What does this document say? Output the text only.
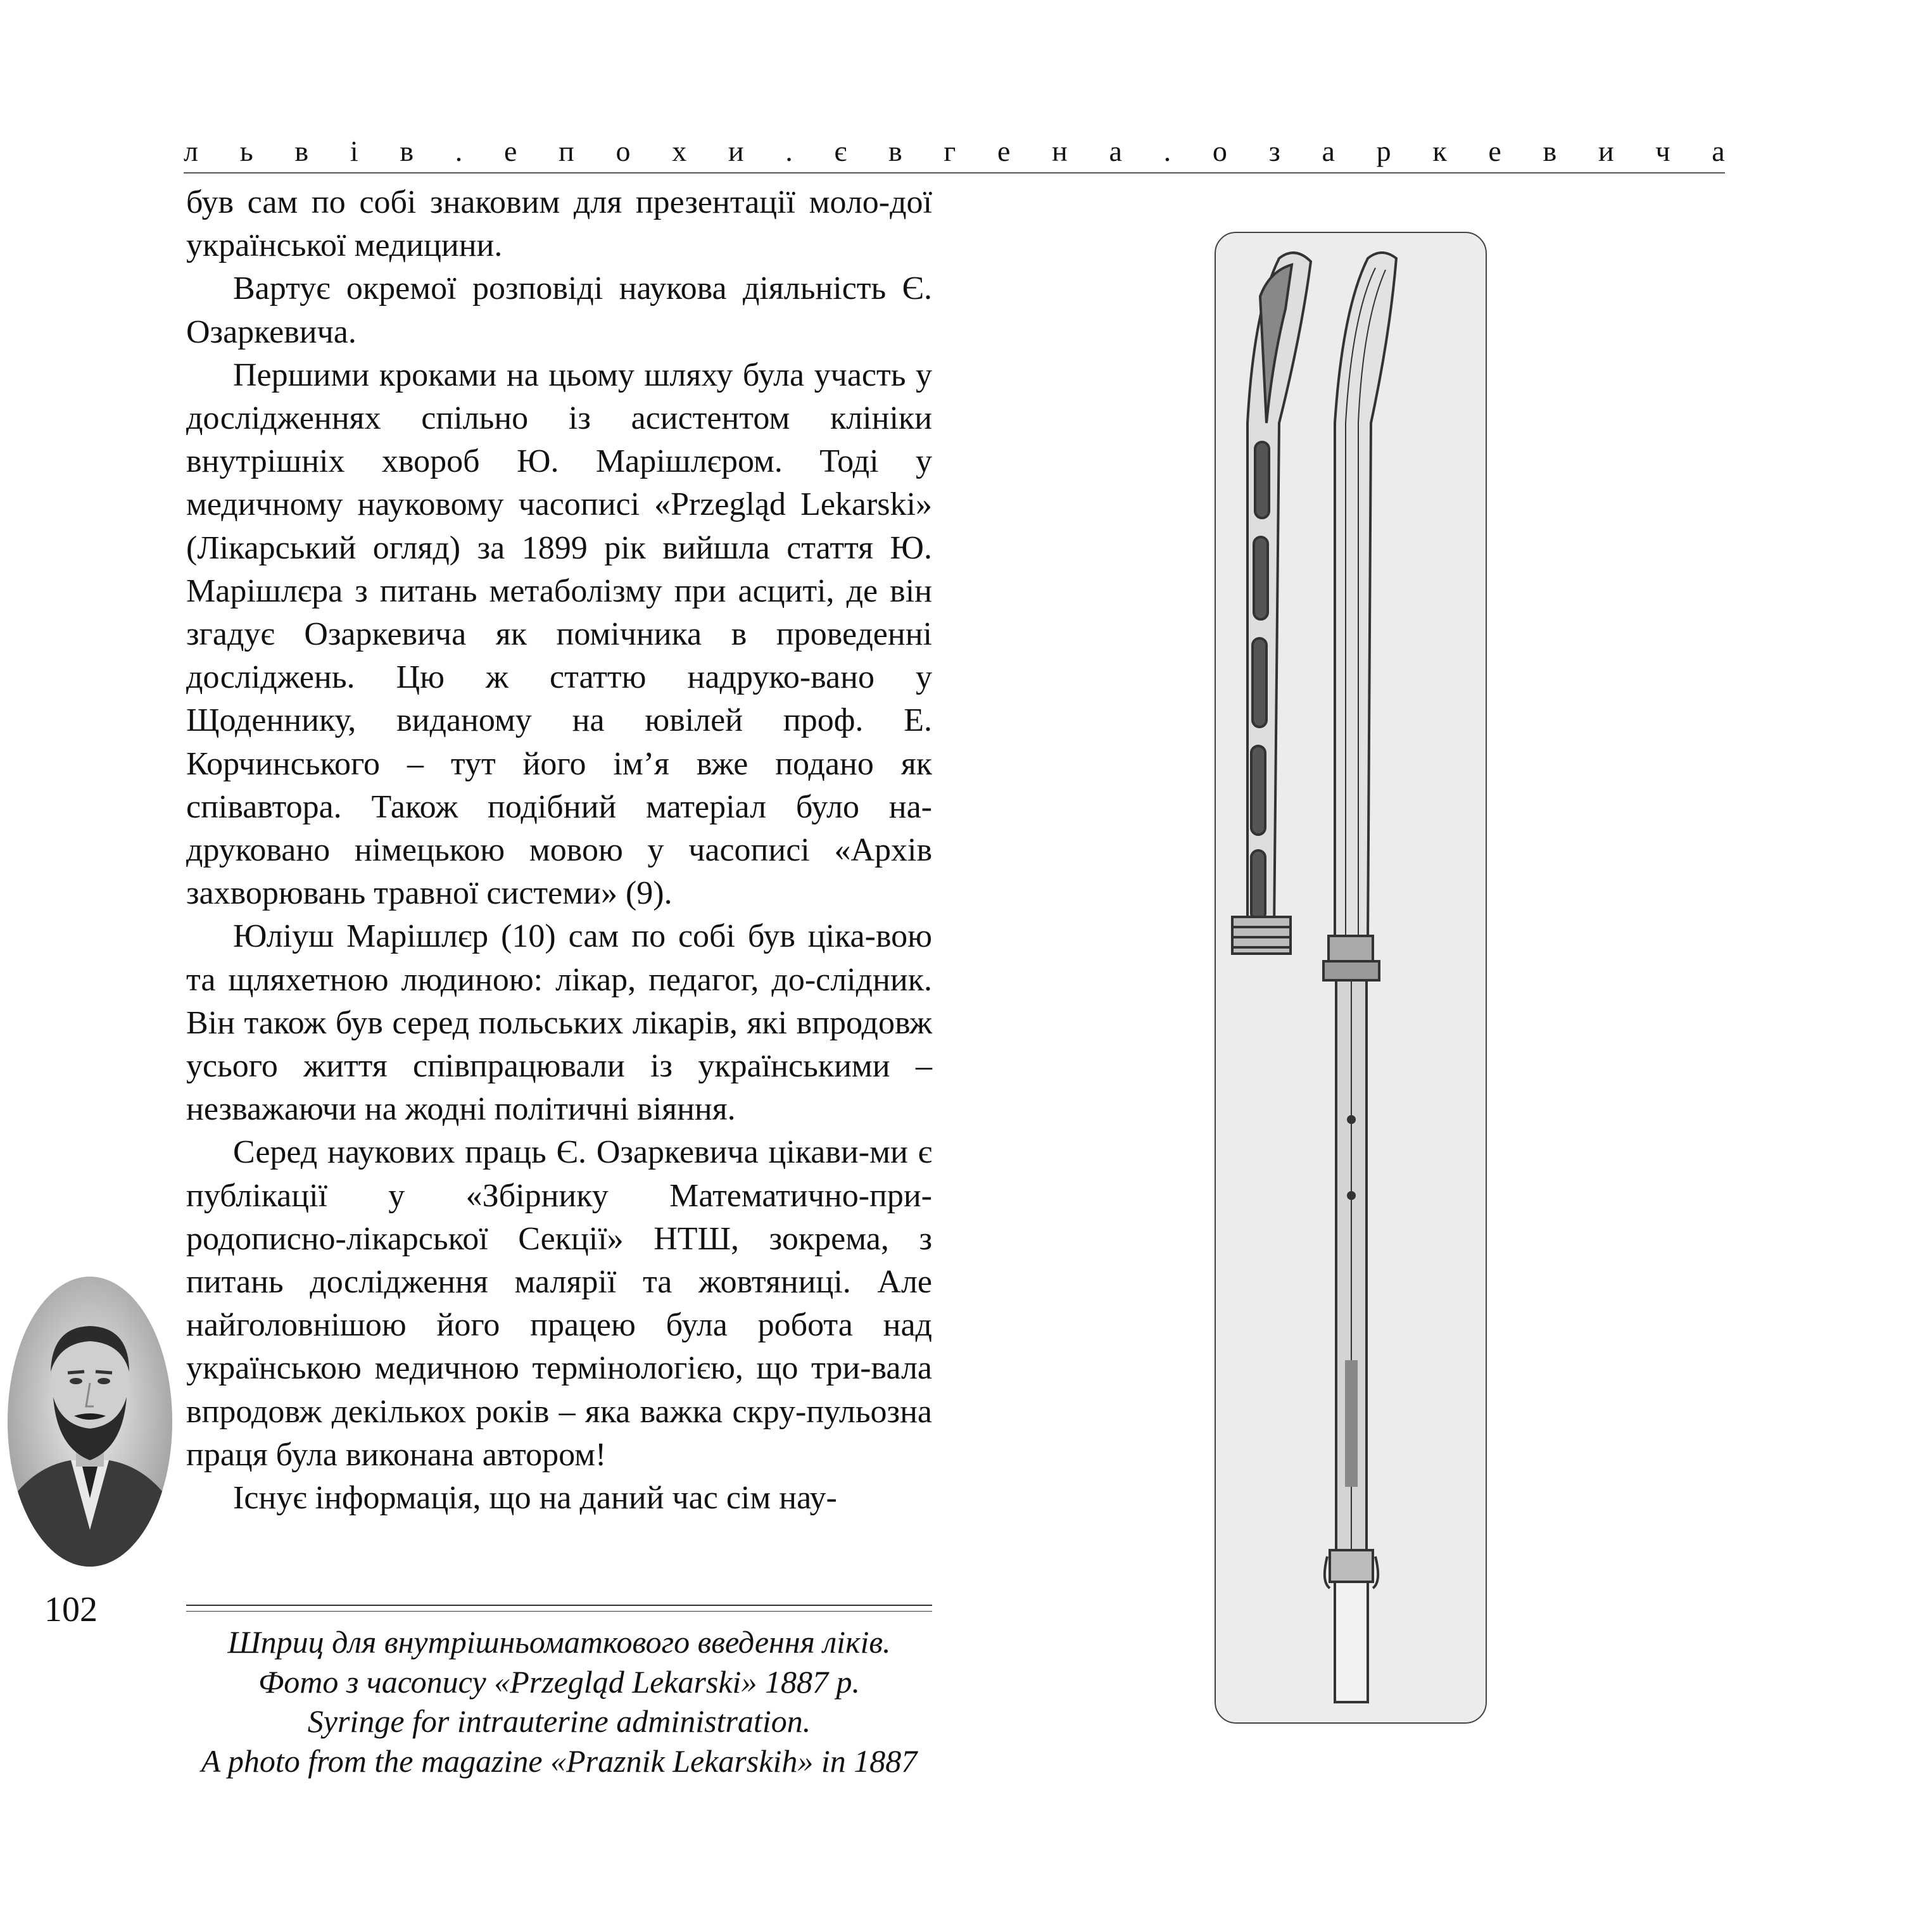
л ь в і в . е п о х и . є в г е н а . о з а р к е в и ч а

був сам по собі знаковим для презентації моло-дої української медицини.

Вартує окремої розповіді наукова діяльність Є. Озаркевича.

Першими кроками на цьому шляху була участь у дослідженнях спільно із асистентом клініки внутрішніх хвороб Ю. Марішлєром. Тоді у медичному науковому часописі «Przegląd Lekarski» (Лікарський огляд) за 1899 рік вийшла стаття Ю. Марішлєра з питань метаболізму при асциті, де він згадує Озаркевича як помічника в проведенні досліджень. Цю ж статтю надруко-вано у Щоденнику, виданому на ювілей проф. Е. Корчинського – тут його ім’я вже подано як співавтора. Також подібний матеріал було на-друковано німецькою мовою у часописі «Архів захворювань травної системи» (9).

Юліуш Марішлєр (10) сам по собі був ціка-вою та щляхетною людиною: лікар, педагог, до-слідник. Він також був серед польських лікарів, які впродовж усього життя співпрацювали із українськими – незважаючи на жодні політичні віяння.

Серед наукових праць Є. Озаркевича цікави-ми є публікації у «Збірнику Математично-при-родописно-лікарської Секції» НТШ, зокрема, з питань дослідження малярії та жовтяниці. Але найголовнішою його працею була робота над українською медичною термінологією, що три-вала впродовж декількох років – яка важка скру-пульозна праця була виконана автором!

Існує інформація, що на даний час сім нау-

102
Шприц для внутрішньоматкового введення ліків.
Фото з часопису «Przegląd Lekarski» 1887 р.
Syringe for intrauterine administration.
A photo from the magazine «Praznik Lekarskih» in 1887
